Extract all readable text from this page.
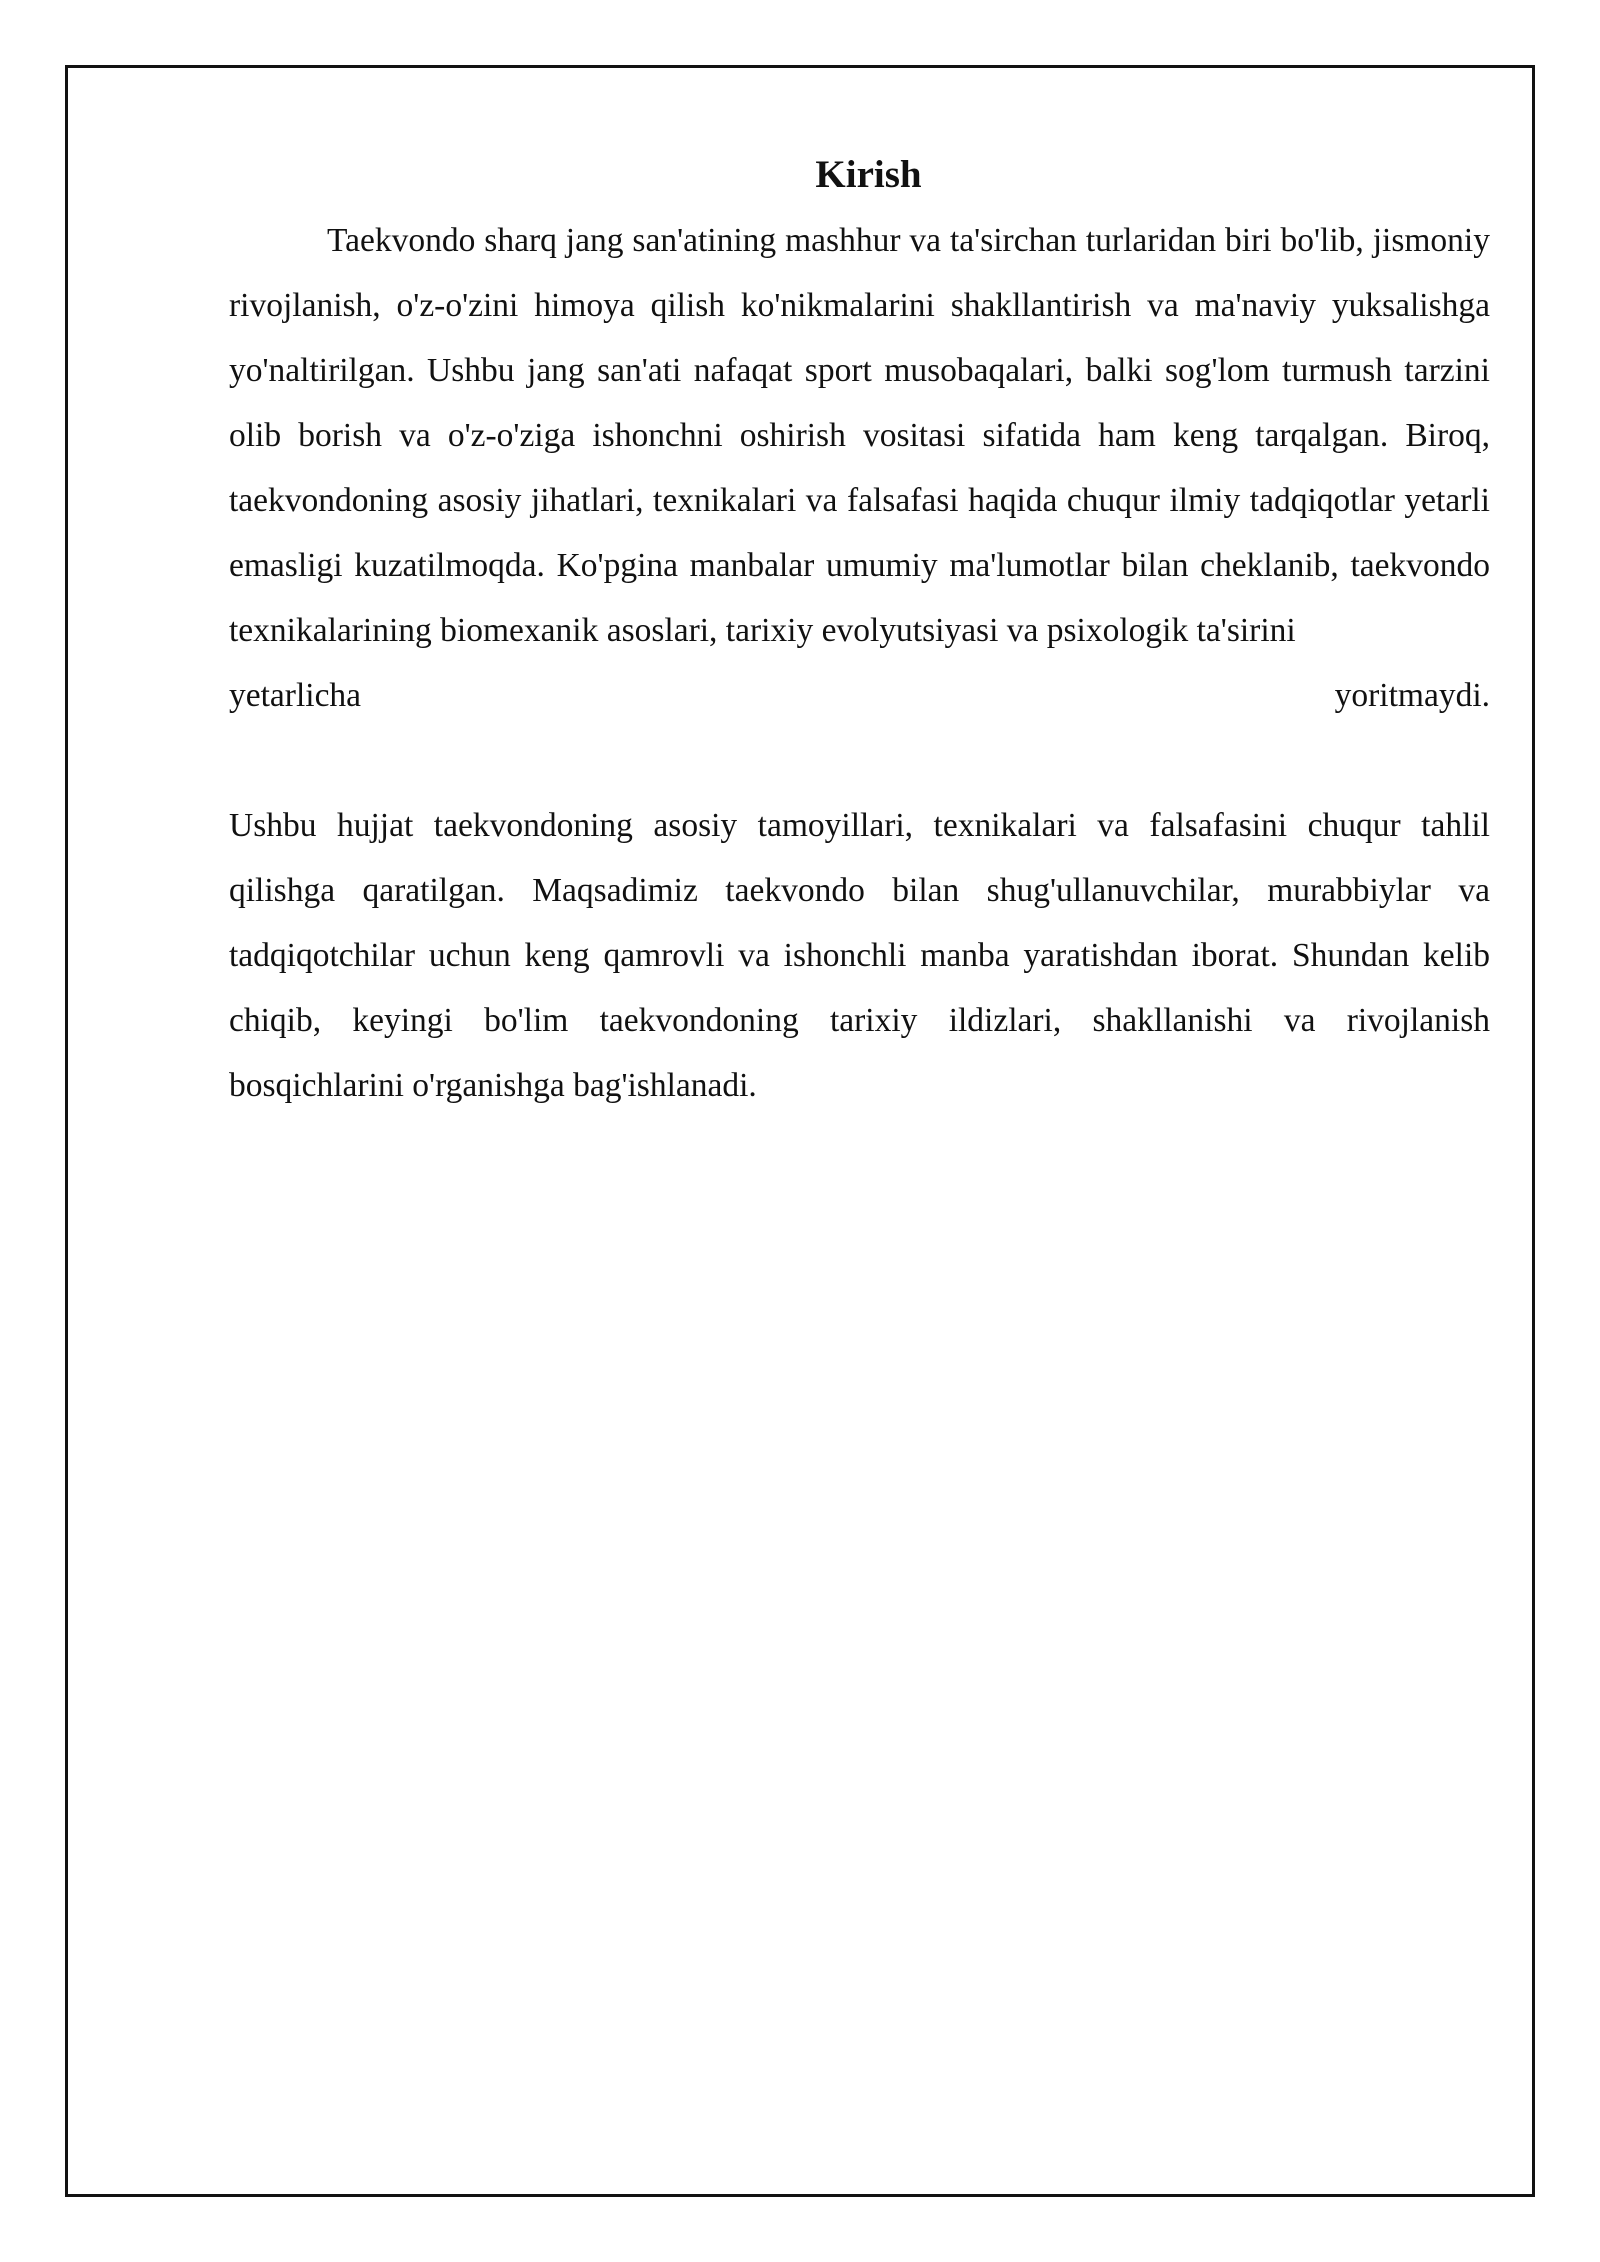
Kirish

Taekvondo sharq jang san'atining mashhur va ta'sirchan turlaridan biri bo'lib, jismoniy rivojlanish, o'z-o'zini himoya qilish ko'nikmalarini shakllantirish va ma'naviy yuksalishga yo'naltirilgan. Ushbu jang san'ati nafaqat sport musobaqalari, balki sog'lom turmush tarzini olib borish va o'z-o'ziga ishonchni oshirish vositasi sifatida ham keng tarqalgan. Biroq, taekvondoning asosiy jihatlari, texnikalari va falsafasi haqida chuqur ilmiy tadqiqotlar yetarli emasligi kuzatilmoqda. Ko'pgina manbalar umumiy ma'lumotlar bilan cheklanib, taekvondo texnikalarining biomexanik asoslari, tarixiy evolyutsiyasi va psixologik ta'sirini
yetarlicha yoritmaydi.

Ushbu hujjat taekvondoning asosiy tamoyillari, texnikalari va falsafasini chuqur tahlil qilishga qaratilgan. Maqsadimiz taekvondo bilan shug'ullanuvchilar, murabbiylar va tadqiqotchilar uchun keng qamrovli va ishonchli manba yaratishdan iborat. Shundan kelib chiqib, keyingi bo'lim taekvondoning tarixiy ildizlari, shakllanishi va rivojlanish bosqichlarini o'rganishga bag'ishlanadi.
